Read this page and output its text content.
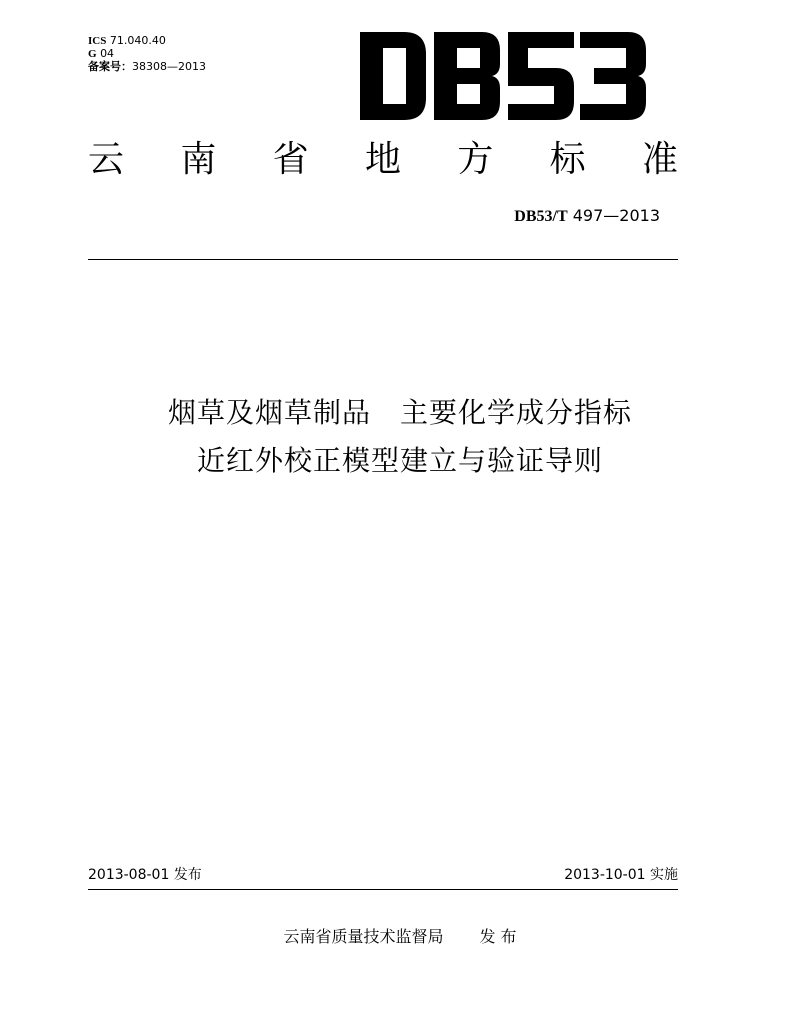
ICS 71.040.40
G 04
备案号：38308—2013
云 南 省 地 方 标 准
DB53/T 497—2013
烟草及烟草制品　主要化学成分指标
近红外校正模型建立与验证导则
2013-08-01 发布	2013-10-01 实施
云南省质量技术监督局 发 布
